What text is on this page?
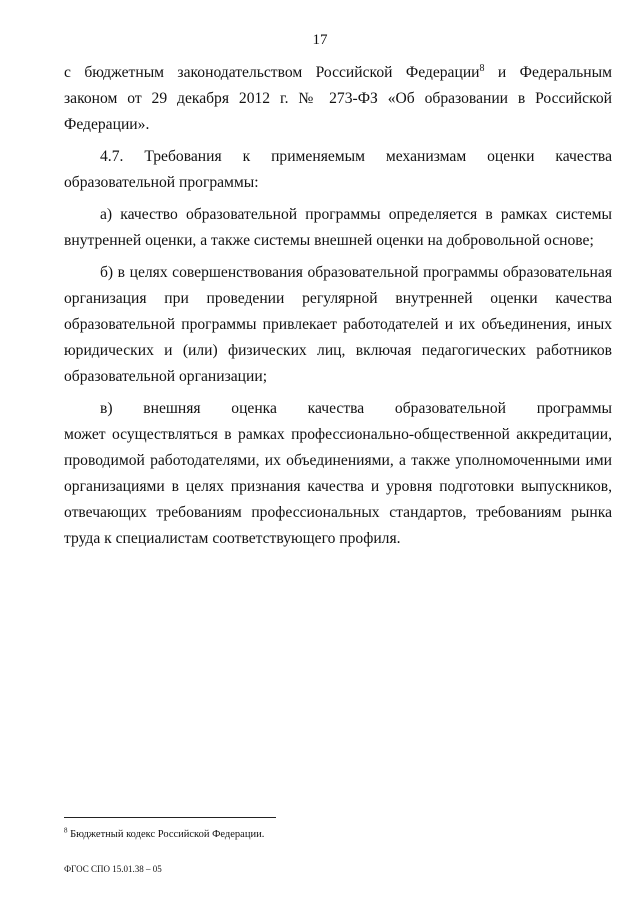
17

с бюджетным законодательством Российской Федерации$^8$ и Федеральным законом от 29 декабря 2012 г. № 273-ФЗ «Об образовании в Российской Федерации».

4.7. Требования к применяемым механизмам оценки качества образовательной программы:

а) качество образовательной программы определяется в рамках системы внутренней оценки, а также системы внешней оценки на добровольной основе;

б) в целях совершенствования образовательной программы образовательная организация при проведении регулярной внутренней оценки качества образовательной программы привлекает работодателей и их объединения, иных юридических и (или) физических лиц, включая педагогических работников образовательной организации;

в) внешняя оценка качества образовательной программы

может осуществляться в рамках профессионально-общественной аккредитации, проводимой работодателями, их объединениями, а также уполномоченными ими организациями в целях признания качества и уровня подготовки выпускников, отвечающих требованиям профессиональных стандартов, требованиям рынка труда к специалистам соответствующего профиля.

$^8$ Бюджетный кодекс Российской Федерации.
ФГОС СПО 15.01.38 – 05
